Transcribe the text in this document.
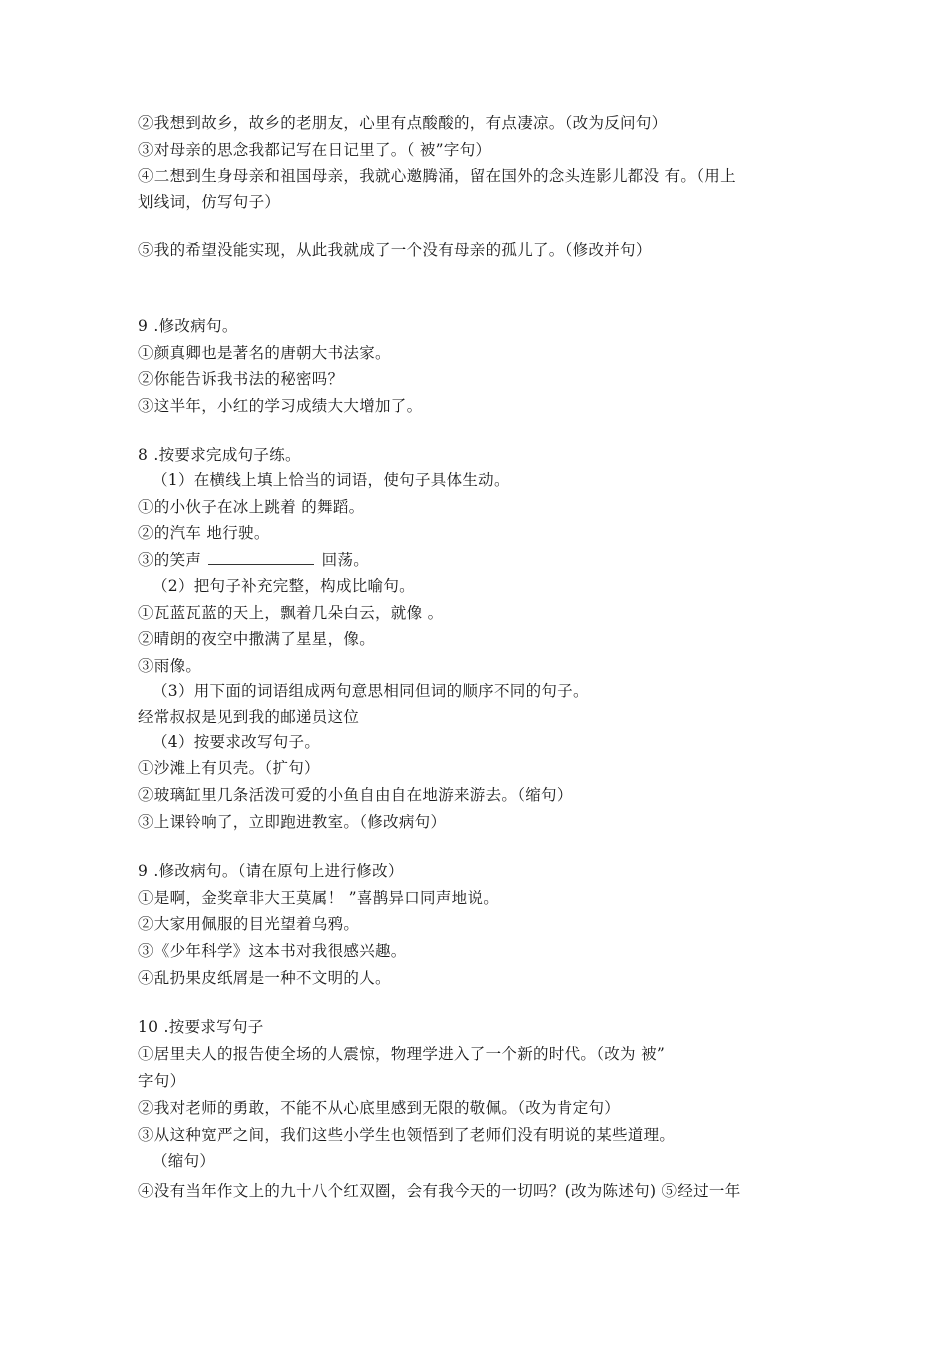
②我想到故乡，故乡的老朋友，心里有点酸酸的，有点凄凉。（改为反问句）
③对母亲的思念我都记写在日记里了。（ 被”字句）
④二想到生身母亲和祖国母亲，我就心邀腾涌，留在国外的念头连影儿都没 有。（用上
划线词，仿写句子）
⑤我的希望没能实现，从此我就成了一个没有母亲的孤儿了。（修改并句）
9 .修改病句。
①颜真卿也是著名的唐朝大书法家。
②你能告诉我书法的秘密吗？
③这半年，小红的学习成绩大大增加了。
8 .按要求完成句子练。
（1）在横线上填上恰当的词语，使句子具体生动。
①的小伙子在冰上跳着 的舞蹈。
②的汽车 地行驶。
③的笑声	回荡。
（2）把句子补充完整，构成比喻句。
①瓦蓝瓦蓝的天上，飘着几朵白云，就像 。
②晴朗的夜空中撒满了星星，像。
③雨像。
（3）用下面的词语组成两句意思相同但词的顺序不同的句子。
经常叔叔是见到我的邮递员这位
（4）按要求改写句子。
①沙滩上有贝壳。（扩句）
②玻璃缸里几条活泼可爱的小鱼自由自在地游来游去。（缩句）
③上课铃响了，立即跑进教室。（修改病句）
9 .修改病句。（请在原句上进行修改）
①是啊，金奖章非大王莫属！ ”喜鹊异口同声地说。
②大家用佩服的目光望着乌鸦。
③《少年科学》这本书对我很感兴趣。
④乱扔果皮纸屑是一种不文明的人。
10 .按要求写句子
①居里夫人的报告使全场的人震惊，物理学进入了一个新的时代。（改为 被”
字句）
②我对老师的勇敢，不能不从心底里感到无限的敬佩。（改为肯定句）
③从这种宽严之间，我们这些小学生也领悟到了老师们没有明说的某些道理。
（缩句）
④没有当年作文上的九十八个红双圈，会有我今天的一切吗？(改为陈述句) ⑤经过一年
